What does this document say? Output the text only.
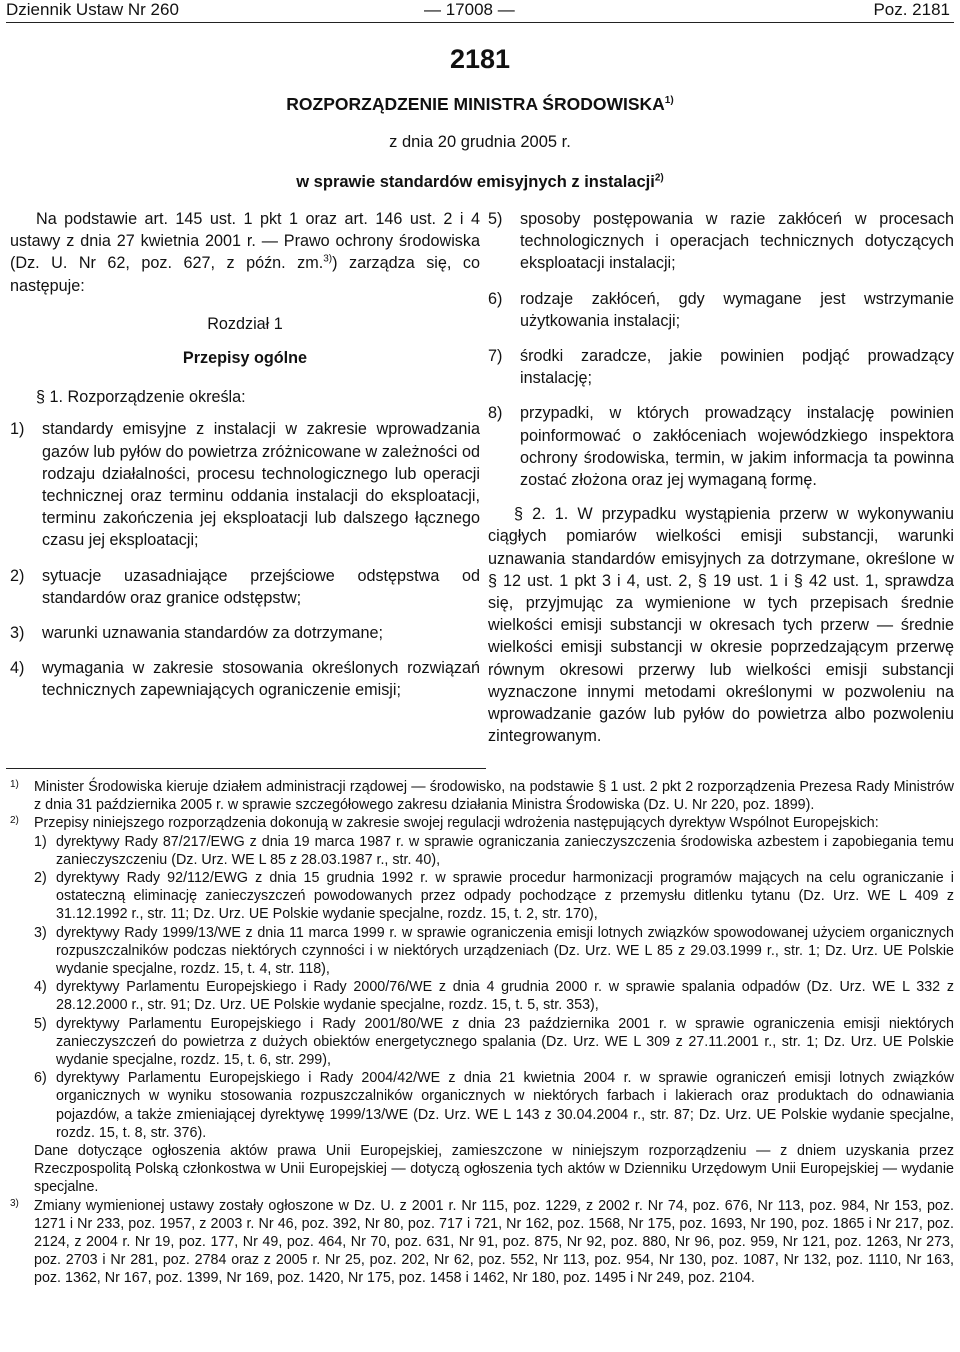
Dziennik Ustaw Nr 260	— 17008 —	Poz. 2181
2181
ROZPORZĄDZENIE MINISTRA ŚRODOWISKA$^{1)}$
z dnia 20 grudnia 2005 r.
w sprawie standardów emisyjnych z instalacji$^{2)}$

Na podstawie art. 145 ust. 1 pkt 1 oraz art. 146 ust. 2 i 4 ustawy z dnia 27 kwietnia 2001 r. — Prawo ochrony środowiska (Dz. U. Nr 62, poz. 627, z późn. zm.$^{3)}$) zarządza się, co następuje:

Rozdział 1

Przepisy ogólne

§ 1. Rozporządzenie określa:

1)	standardy emisyjne z instalacji w zakresie wprowadzania gazów lub pyłów do powietrza zróżnicowane w zależności od rodzaju działalności, procesu technologicznego lub operacji technicznej oraz terminu oddania instalacji do eksploatacji, terminu zakończenia jej eksploatacji lub dalszego łącznego czasu jej eksploatacji;
2)	sytuacje uzasadniające przejściowe odstępstwa od standardów oraz granice odstępstw;
3)	warunki uznawania standardów za dotrzymane;
4)	wymagania w zakresie stosowania określonych rozwiązań technicznych zapewniających ograniczenie emisji;
5)	sposoby postępowania w razie zakłóceń w procesach technologicznych i operacjach technicznych dotyczących eksploatacji instalacji;
6)	rodzaje zakłóceń, gdy wymagane jest wstrzymanie użytkowania instalacji;
7)	środki zaradcze, jakie powinien podjąć prowadzący instalację;
8)	przypadki, w których prowadzący instalację powinien poinformować o zakłóceniach wojewódzkiego inspektora ochrony środowiska, termin, w jakim informacja ta powinna zostać złożona oraz jej wymaganą formę.

§ 2. 1. W przypadku wystąpienia przerw w wykonywaniu ciągłych pomiarów wielkości emisji substancji, warunki uznawania standardów emisyjnych za dotrzymane, określone w § 12 ust. 1 pkt 3 i 4, ust. 2, § 19 ust. 1 i § 42 ust. 1, sprawdza się, przyjmując za wymienione w tych przepisach średnie wielkości emisji substancji w okresach tych przerw — średnie wielkości emisji substancji w okresie poprzedzającym przerwę równym okresowi przerwy lub wielkości emisji substancji wyznaczone innymi metodami określonymi w pozwoleniu na wprowadzanie gazów lub pyłów do powietrza albo pozwoleniu zintegrowanym.

1)	Minister Środowiska kieruje działem administracji rządowej — środowisko, na podstawie § 1 ust. 2 pkt 2 rozporządzenia Prezesa Rady Ministrów z dnia 31 października 2005 r. w sprawie szczegółowego zakresu działania Ministra Środowiska (Dz. U. Nr 220, poz. 1899).
2)	Przepisy niniejszego rozporządzenia dokonują w zakresie swojej regulacji wdrożenia następujących dyrektyw Wspólnot Europejskich:
1) dyrektywy Rady 87/217/EWG z dnia 19 marca 1987 r. w sprawie ograniczania zanieczyszczenia środowiska azbestem i zapobiegania temu zanieczyszczeniu (Dz. Urz. WE L 85 z 28.03.1987 r., str. 40),
2) dyrektywy Rady 92/112/EWG z dnia 15 grudnia 1992 r. w sprawie procedur harmonizacji programów mających na celu ograniczanie i ostateczną eliminację zanieczyszczeń powodowanych przez odpady pochodzące z przemysłu ditlenku tytanu (Dz. Urz. WE L 409 z 31.12.1992 r., str. 11; Dz. Urz. UE Polskie wydanie specjalne, rozdz. 15, t. 2, str. 170),
3) dyrektywy Rady 1999/13/WE z dnia 11 marca 1999 r. w sprawie ograniczenia emisji lotnych związków spowodowanej użyciem organicznych rozpuszczalników podczas niektórych czynności i w niektórych urządzeniach (Dz. Urz. WE L 85 z 29.03.1999 r., str. 1; Dz. Urz. UE Polskie wydanie specjalne, rozdz. 15, t. 4, str. 118),
4) dyrektywy Parlamentu Europejskiego i Rady 2000/76/WE z dnia 4 grudnia 2000 r. w sprawie spalania odpadów (Dz. Urz. WE L 332 z 28.12.2000 r., str. 91; Dz. Urz. UE Polskie wydanie specjalne, rozdz. 15, t. 5, str. 353),
5) dyrektywy Parlamentu Europejskiego i Rady 2001/80/WE z dnia 23 października 2001 r. w sprawie ograniczenia emisji niektórych zanieczyszczeń do powietrza z dużych obiektów energetycznego spalania (Dz. Urz. WE L 309 z 27.11.2001 r., str. 1; Dz. Urz. UE Polskie wydanie specjalne, rozdz. 15, t. 6, str. 299),
6) dyrektywy Parlamentu Europejskiego i Rady 2004/42/WE z dnia 21 kwietnia 2004 r. w sprawie ograniczeń emisji lotnych związków organicznych w wyniku stosowania rozpuszczalników organicznych w niektórych farbach i lakierach oraz produktach do odnawiania pojazdów, a także zmieniającej dyrektywę 1999/13/WE (Dz. Urz. WE L 143 z 30.04.2004 r., str. 87; Dz. Urz. UE Polskie wydanie specjalne, rozdz. 15, t. 8, str. 376).
Dane dotyczące ogłoszenia aktów prawa Unii Europejskiej, zamieszczone w niniejszym rozporządzeniu — z dniem uzyskania przez Rzeczpospolitą Polską członkostwa w Unii Europejskiej — dotyczą ogłoszenia tych aktów w Dzienniku Urzędowym Unii Europejskiej — wydanie specjalne.
3)	Zmiany wymienionej ustawy zostały ogłoszone w Dz. U. z 2001 r. Nr 115, poz. 1229, z 2002 r. Nr 74, poz. 676, Nr 113, poz. 984, Nr 153, poz. 1271 i Nr 233, poz. 1957, z 2003 r. Nr 46, poz. 392, Nr 80, poz. 717 i 721, Nr 162, poz. 1568, Nr 175, poz. 1693, Nr 190, poz. 1865 i Nr 217, poz. 2124, z 2004 r. Nr 19, poz. 177, Nr 49, poz. 464, Nr 70, poz. 631, Nr 91, poz. 875, Nr 92, poz. 880, Nr 96, poz. 959, Nr 121, poz. 1263, Nr 273, poz. 2703 i Nr 281, poz. 2784 oraz z 2005 r. Nr 25, poz. 202, Nr 62, poz. 552, Nr 113, poz. 954, Nr 130, poz. 1087, Nr 132, poz. 1110, Nr 163, poz. 1362, Nr 167, poz. 1399, Nr 169, poz. 1420, Nr 175, poz. 1458 i 1462, Nr 180, poz. 1495 i Nr 249, poz. 2104.
